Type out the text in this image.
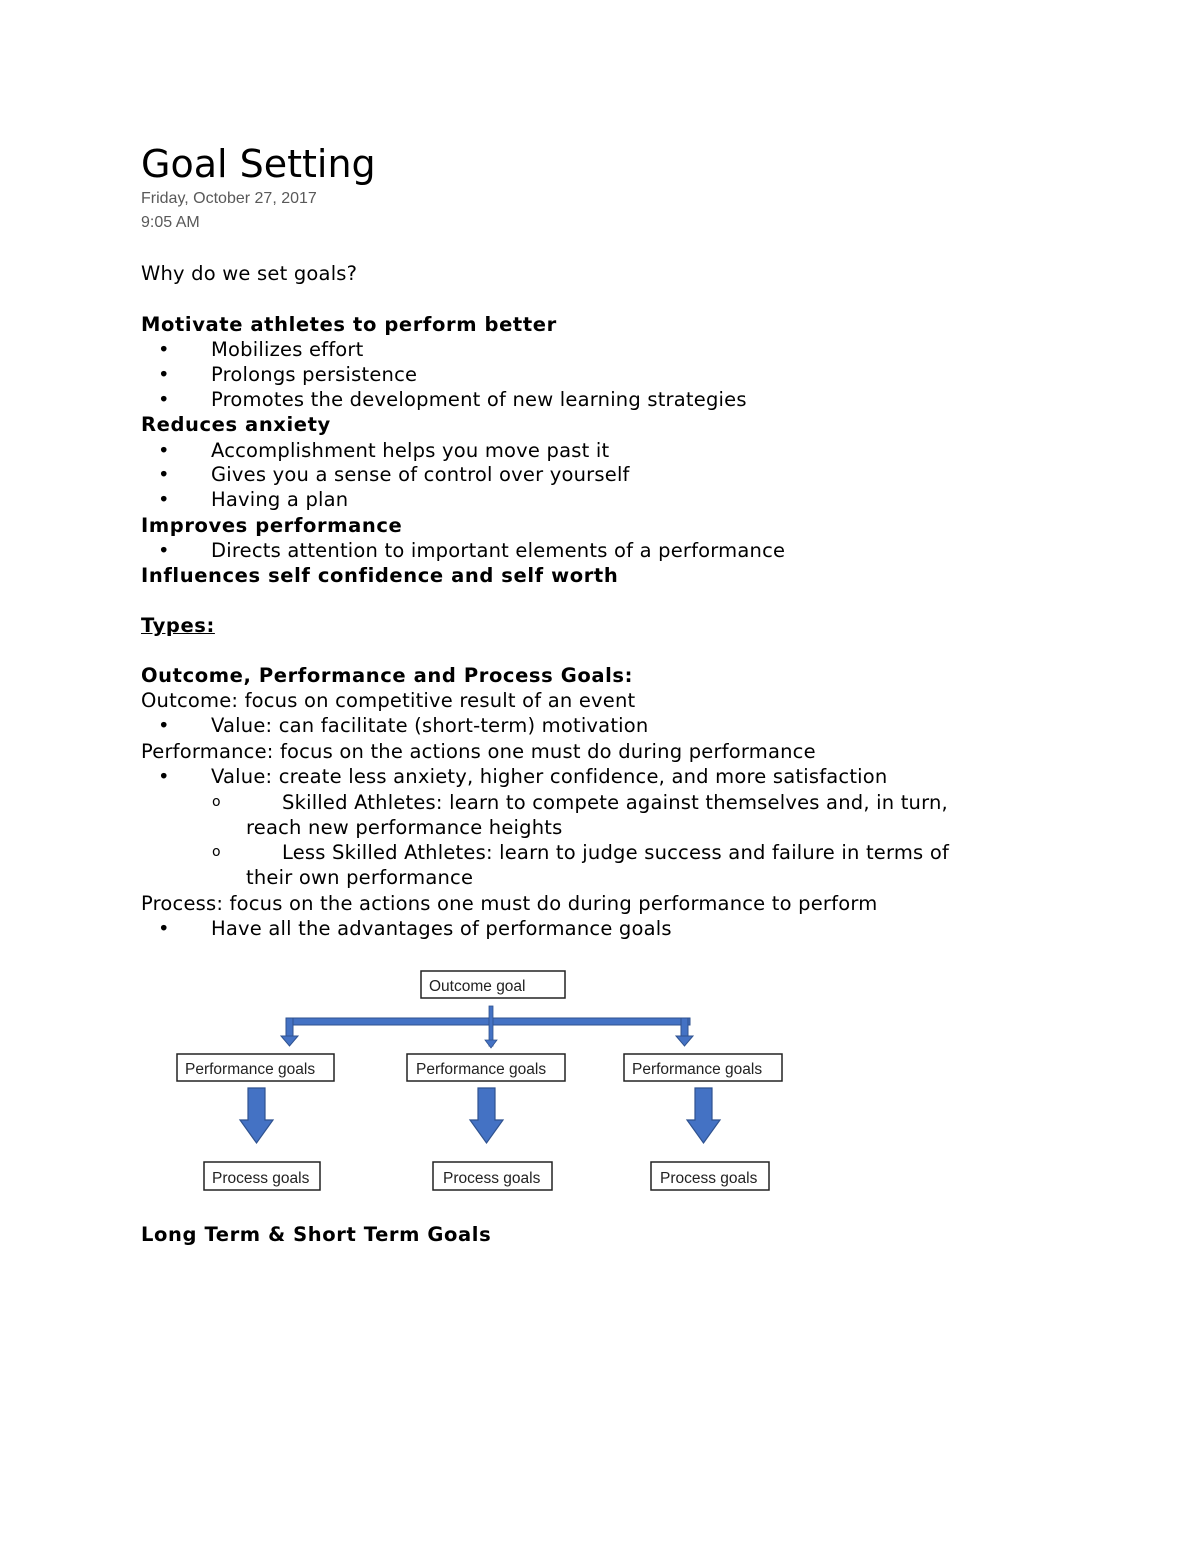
Goal Setting
Friday, October 27, 2017
9:05 AM
Why do we set goals?
Motivate athletes to perform better
• Mobilizes effort
• Prolongs persistence
• Promotes the development of new learning strategies
Reduces anxiety
• Accomplishment helps you move past it
• Gives you a sense of control over yourself
• Having a plan
Improves performance
• Directs attention to important elements of a performance
Influences self confidence and self worth
Types:
Outcome, Performance and Process Goals:
Outcome: focus on competitive result of an event
• Value: can facilitate (short-term) motivation
Performance: focus on the actions one must do during performance
• Value: create less anxiety, higher confidence, and more satisfaction
o	Skilled Athletes: learn to compete against themselves and, in turn,
reach new performance heights
o	Less Skilled Athletes: learn to judge success and failure in terms of
their own performance
Process: focus on the actions one must do during performance to perform
• Have all the advantages of performance goals
Outcome goal
Performance goals	Performance goals	Performance goals
Process goals	Process goals	Process goals
Long Term & Short Term Goals
